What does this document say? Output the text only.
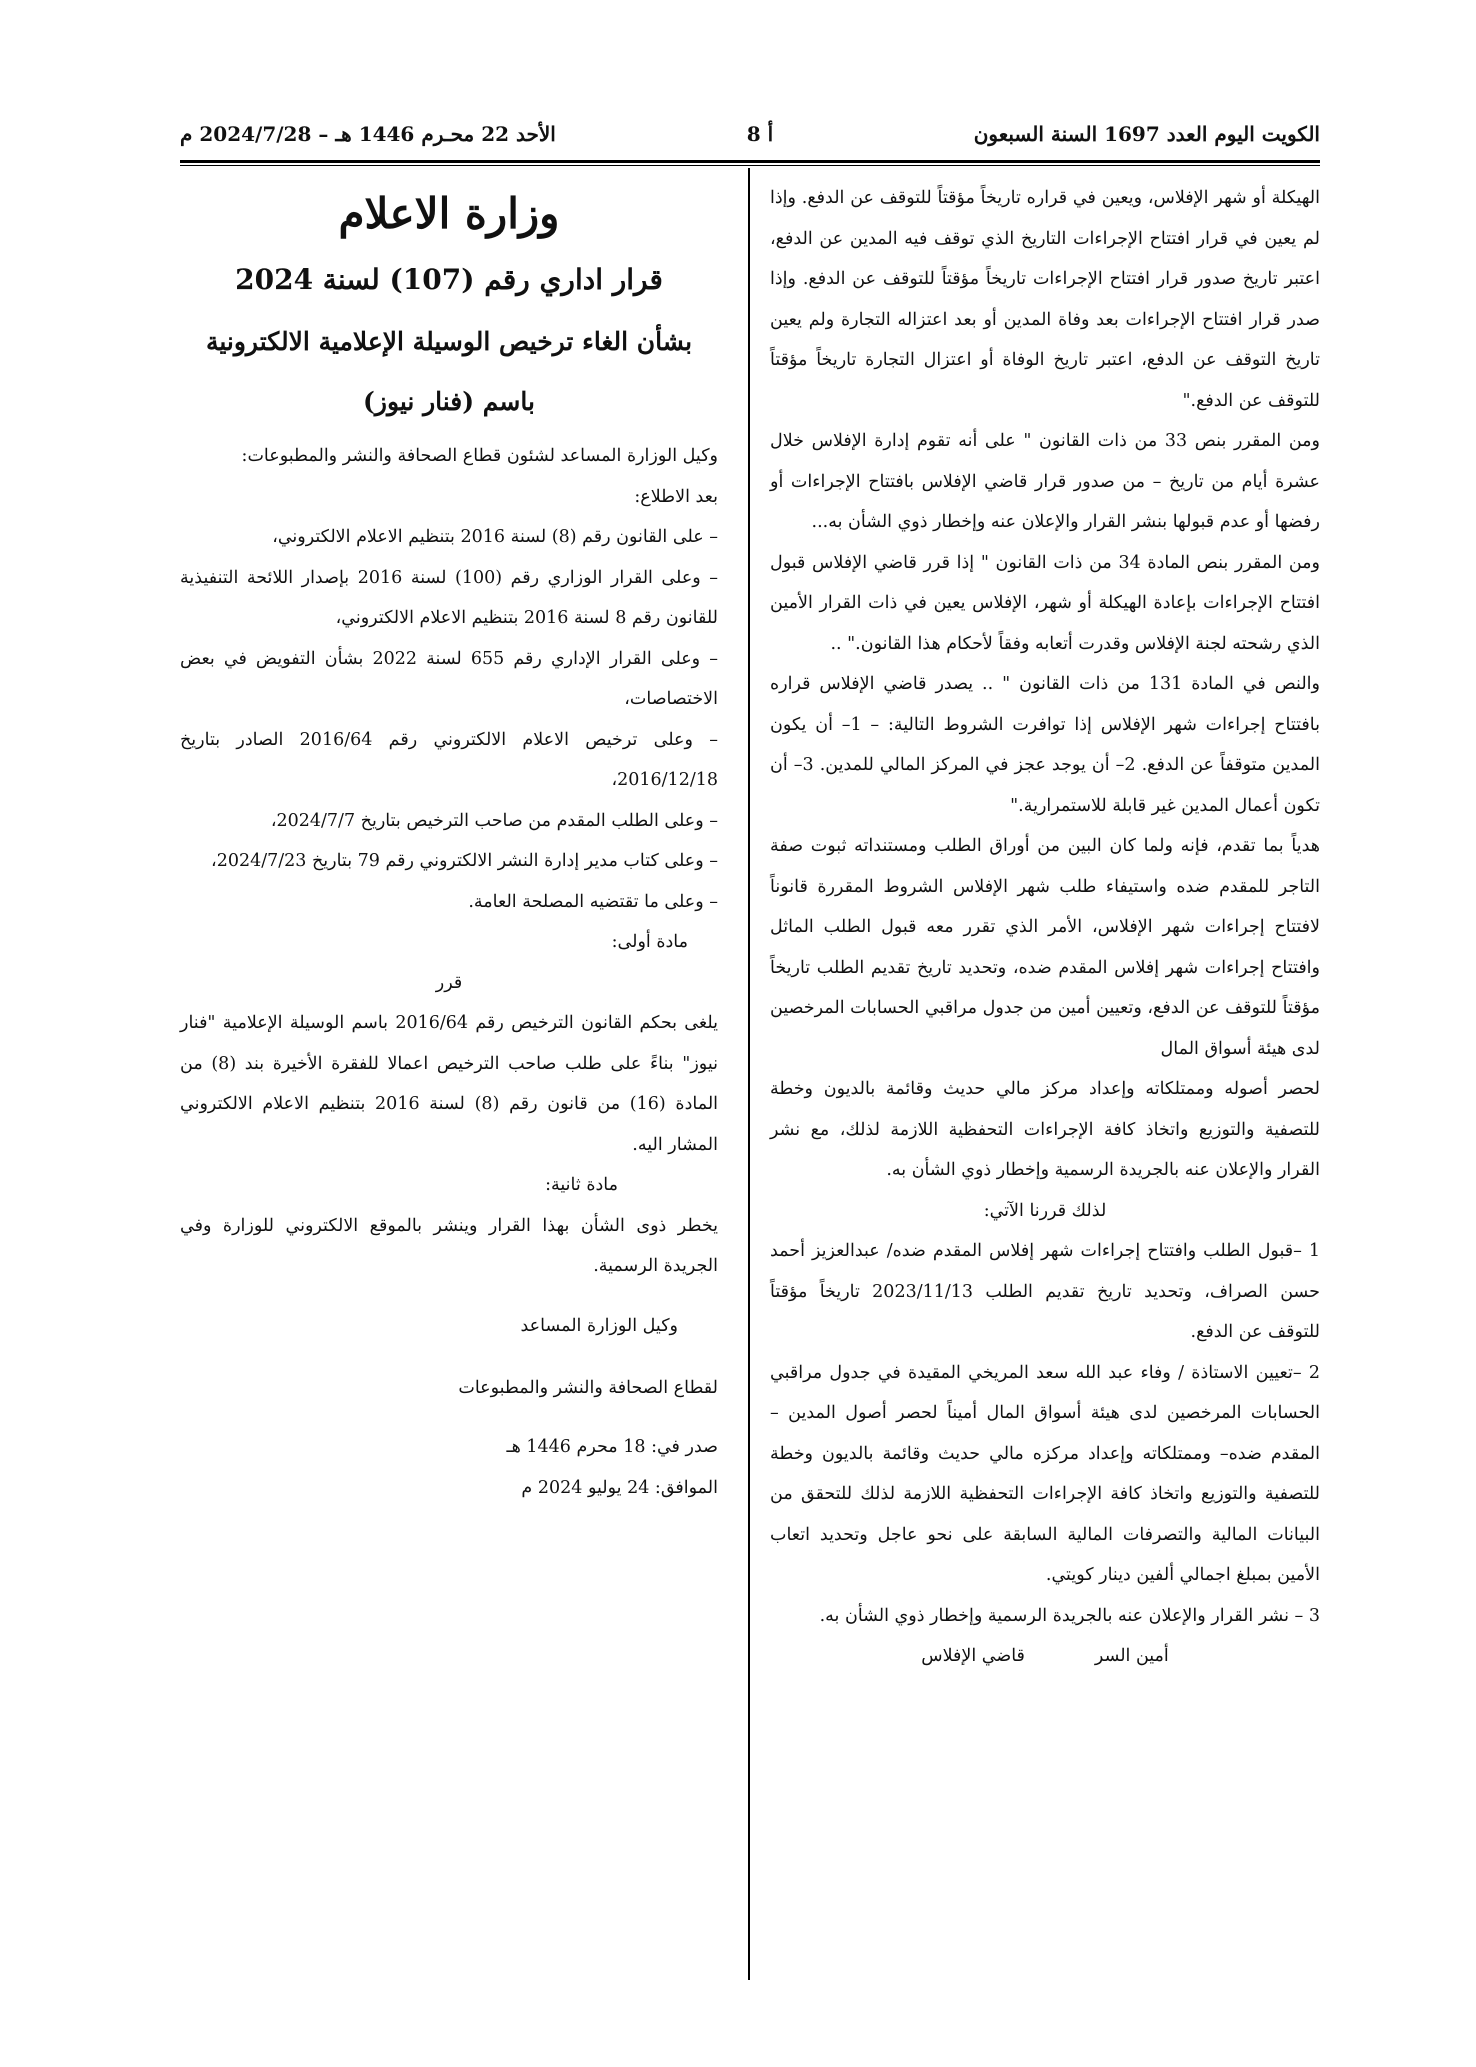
الأحد 22 محـرم 1446 هـ – 2024/7/28 م	أ 8	الكويت اليوم العدد 1697 السنة السبعون

الهيكلة أو شهر الإفلاس، ويعين في قراره تاريخاً مؤقتاً للتوقف عن الدفع. وإذا لم يعين في قرار افتتاح الإجراءات التاريخ الذي توقف فيه المدين عن الدفع، اعتبر تاريخ صدور قرار افتتاح الإجراءات تاريخاً مؤقتاً للتوقف عن الدفع. وإذا صدر قرار افتتاح الإجراءات بعد وفاة المدين أو بعد اعتزاله التجارة ولم يعين تاريخ التوقف عن الدفع، اعتبر تاريخ الوفاة أو اعتزال التجارة تاريخاً مؤقتاً للتوقف عن الدفع."

ومن المقرر بنص 33 من ذات القانون " على أنه تقوم إدارة الإفلاس خلال عشرة أيام من تاريخ – من صدور قرار قاضي الإفلاس بافتتاح الإجراءات أو رفضها أو عدم قبولها بنشر القرار والإعلان عنه وإخطار ذوي الشأن به...

ومن المقرر بنص المادة 34 من ذات القانون " إذا قرر قاضي الإفلاس قبول افتتاح الإجراءات بإعادة الهيكلة أو شهر، الإفلاس يعين في ذات القرار الأمين الذي رشحته لجنة الإفلاس وقدرت أتعابه وفقاً لأحكام هذا القانون." ..

والنص في المادة 131 من ذات القانون " .. يصدر قاضي الإفلاس قراره بافتتاح إجراءات شهر الإفلاس إذا توافرت الشروط التالية: – 1– أن يكون المدين متوقفاً عن الدفع. 2– أن يوجد عجز في المركز المالي للمدين. 3– أن تكون أعمال المدين غير قابلة للاستمرارية."

هدياً بما تقدم، فإنه ولما كان البين من أوراق الطلب ومستنداته ثبوت صفة التاجر للمقدم ضده واستيفاء طلب شهر الإفلاس الشروط المقررة قانوناً لافتتاح إجراءات شهر الإفلاس، الأمر الذي تقرر معه قبول الطلب الماثل وافتتاح إجراءات شهر إفلاس المقدم ضده، وتحديد تاريخ تقديم الطلب تاريخاً مؤقتاً للتوقف عن الدفع، وتعيين أمين من جدول مراقبي الحسابات المرخصين لدى هيئة أسواق المال

لحصر أصوله وممتلكاته وإعداد مركز مالي حديث وقائمة بالديون وخطة للتصفية والتوزيع واتخاذ كافة الإجراءات التحفظية اللازمة لذلك، مع نشر القرار والإعلان عنه بالجريدة الرسمية وإخطار ذوي الشأن به.

لذلك قررنا الآتي:

1 –قبول الطلب وافتتاح إجراءات شهر إفلاس المقدم ضده/ عبدالعزيز أحمد حسن الصراف، وتحديد تاريخ تقديم الطلب 2023/11/13 تاريخاً مؤقتاً للتوقف عن الدفع.

2 –تعيين الاستاذة / وفاء عبد الله سعد المريخي المقيدة في جدول مراقبي الحسابات المرخصين لدى هيئة أسواق المال أميناً لحصر أصول المدين – المقدم ضده– وممتلكاته وإعداد مركزه مالي حديث وقائمة بالديون وخطة للتصفية والتوزيع واتخاذ كافة الإجراءات التحفظية اللازمة لذلك للتحقق من البيانات المالية والتصرفات المالية السابقة على نحو عاجل وتحديد اتعاب الأمين بمبلغ اجمالي ألفين دينار كويتي.

3 – نشر القرار والإعلان عنه بالجريدة الرسمية وإخطار ذوي الشأن به.

أمين السر
قاضي الإفلاس
وزارة الاعلام
قرار اداري رقم (107) لسنة 2024
بشأن الغاء ترخيص الوسيلة الإعلامية الالكترونية
باسم (فنار نيوز)

وكيل الوزارة المساعد لشئون قطاع الصحافة والنشر والمطبوعات:

بعد الاطلاع:

– على القانون رقم (8) لسنة 2016 بتنظيم الاعلام الالكتروني،

– وعلى القرار الوزاري رقم (100) لسنة 2016 بإصدار اللائحة التنفيذية للقانون رقم 8 لسنة 2016 بتنظيم الاعلام الالكتروني،

– وعلى القرار الإداري رقم 655 لسنة 2022 بشأن التفويض في بعض الاختصاصات،

– وعلى ترخيص الاعلام الالكتروني رقم 2016/64 الصادر بتاريخ 2016/12/18،

– وعلى الطلب المقدم من صاحب الترخيص بتاريخ 2024/7/7،

– وعلى كتاب مدير إدارة النشر الالكتروني رقم 79 بتاريخ 2024/7/23،

– وعلى ما تقتضيه المصلحة العامة.

مادة أولى:

قرر

يلغى بحكم القانون الترخيص رقم 2016/64 باسم الوسيلة الإعلامية "فنار نيوز" بناءً على طلب صاحب الترخيص اعمالا للفقرة الأخيرة بند (8) من المادة (16) من قانون رقم (8) لسنة 2016 بتنظيم الاعلام الالكتروني المشار اليه.

مادة ثانية:

يخطر ذوى الشأن بهذا القرار وينشر بالموقع الالكتروني للوزارة وفي الجريدة الرسمية.

وكيل الوزارة المساعد

لقطاع الصحافة والنشر والمطبوعات

صدر في: 18 محرم 1446 هـ

الموافق: 24 يوليو 2024 م
